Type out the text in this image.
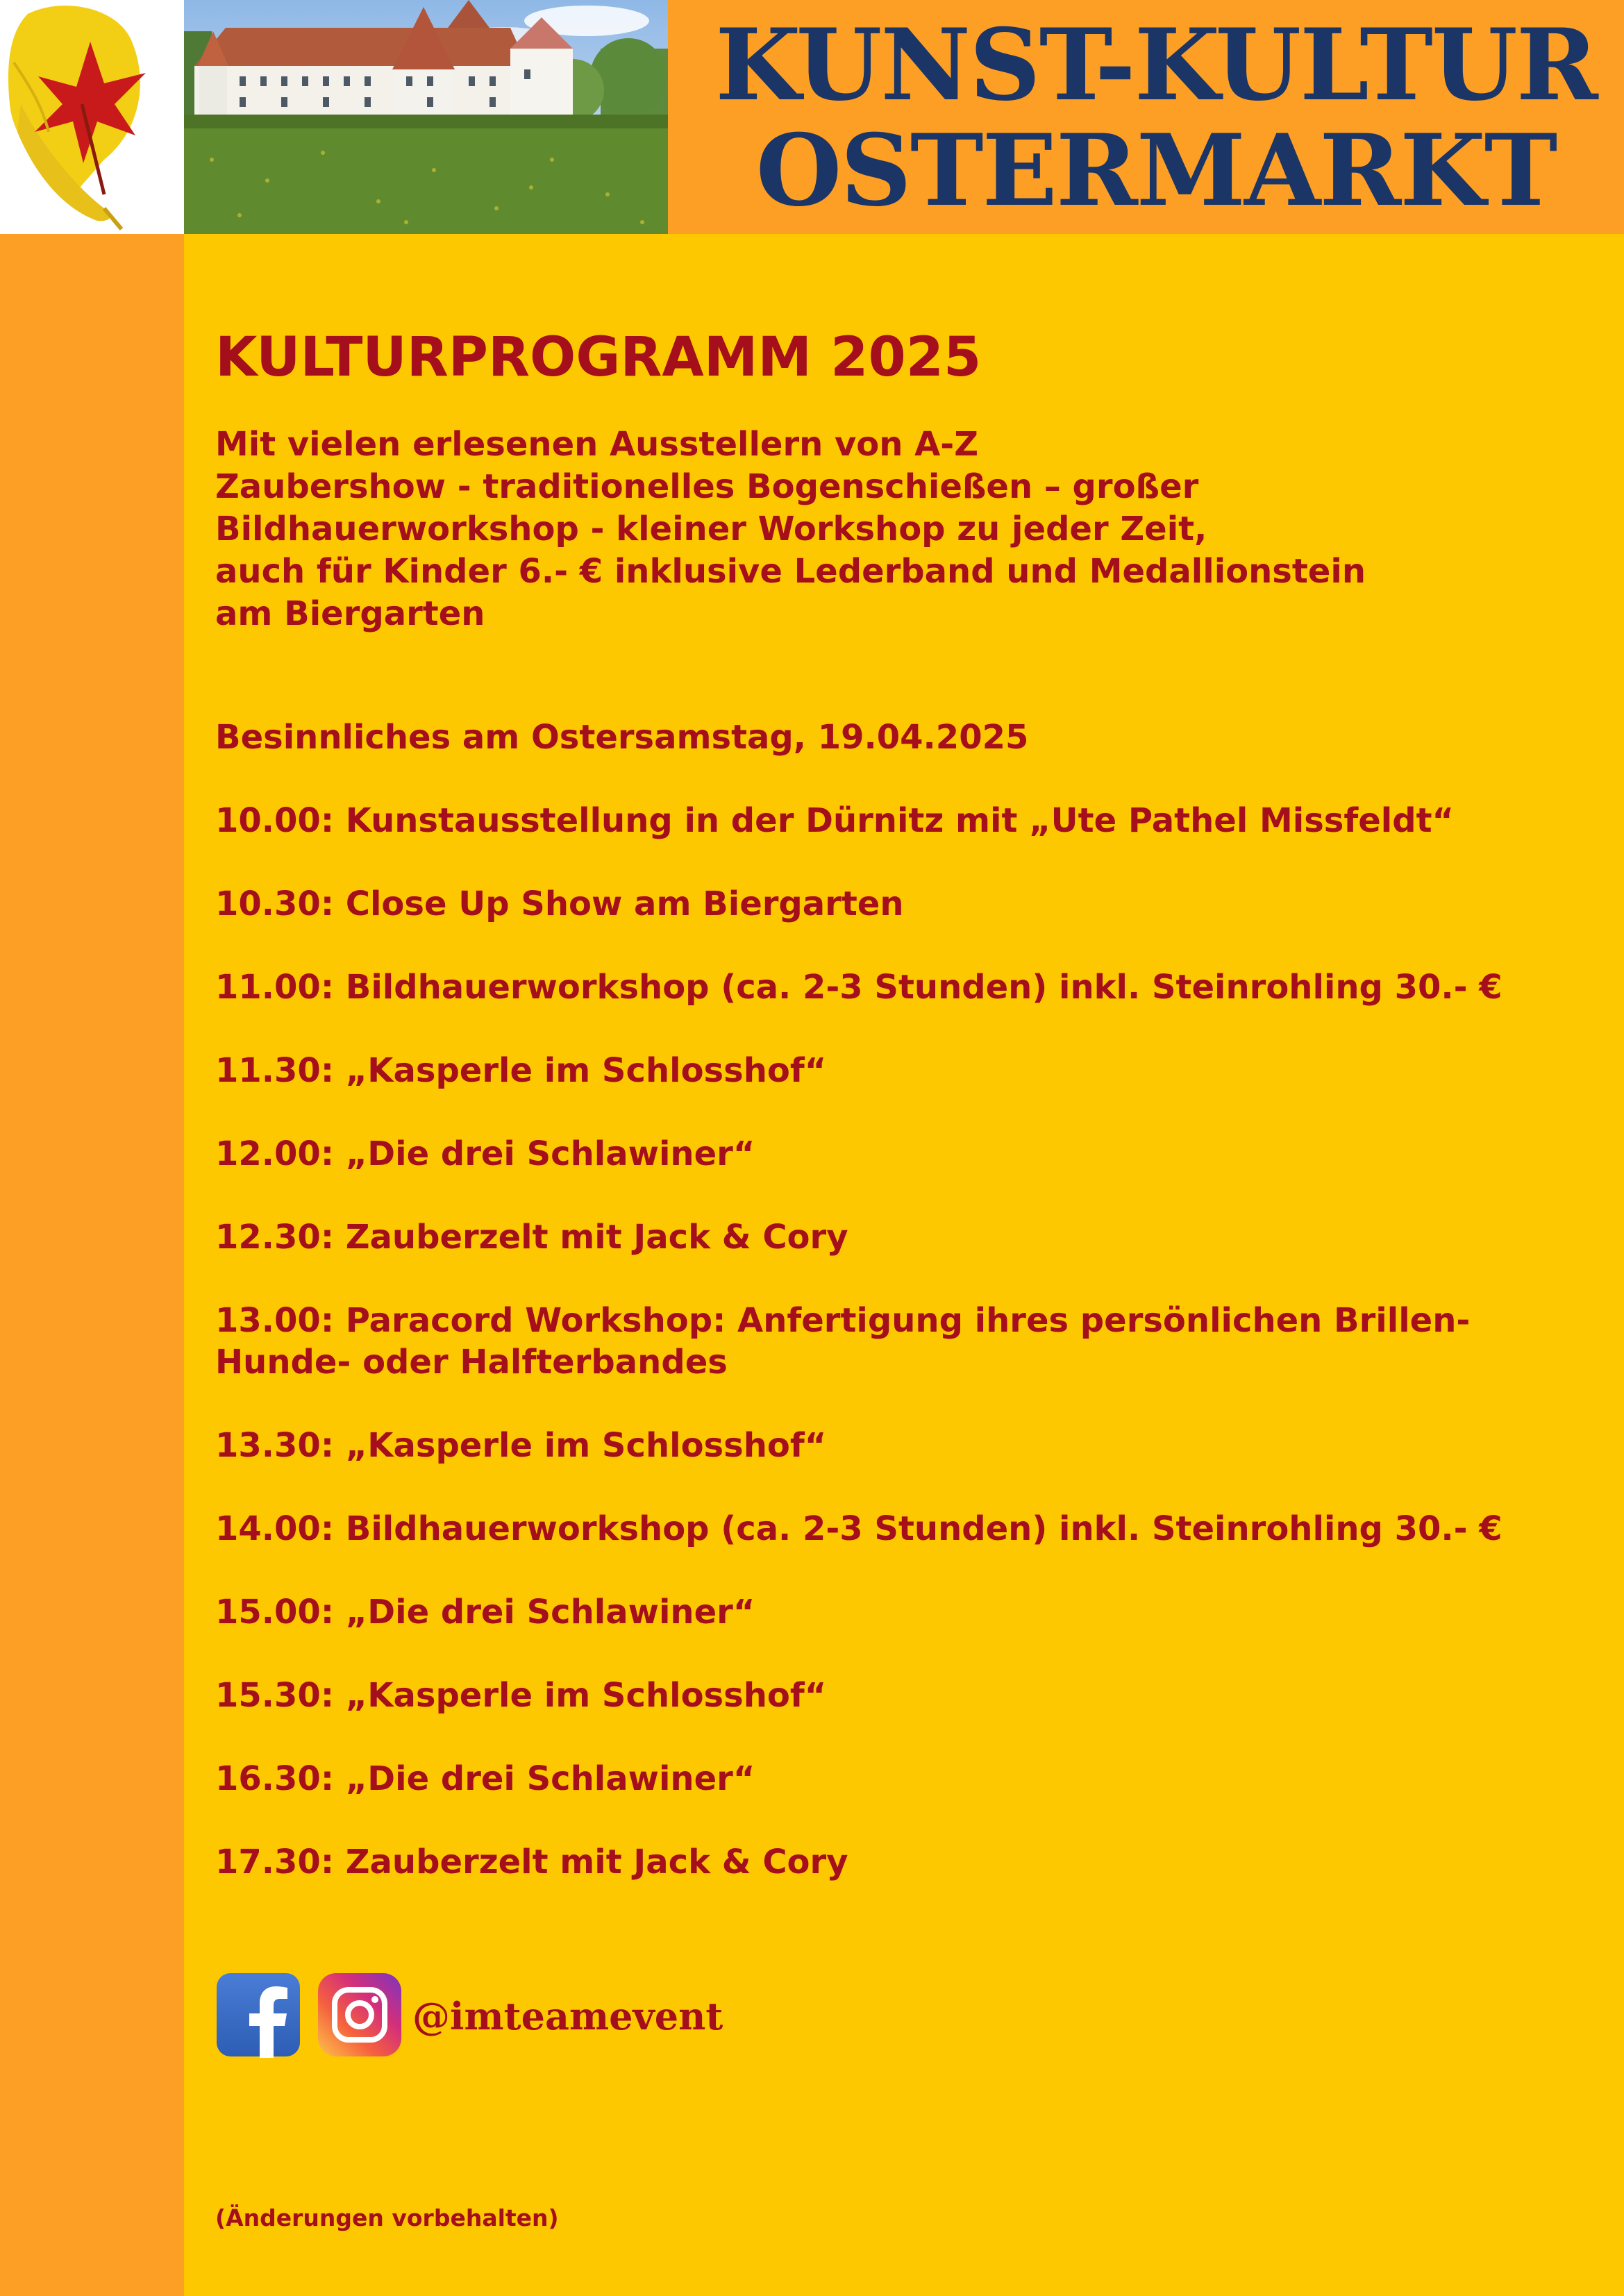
KUNST-KULTUR
OSTERMARKT
KULTURPROGRAMM 2025
Mit vielen erlesenen Ausstellern von A-Z
Zaubershow - traditionelles Bogenschießen – großer
Bildhauerworkshop - kleiner Workshop zu jeder Zeit,
auch für Kinder 6.- € inklusive Lederband und Medallionstein
am Biergarten
Besinnliches am Ostersamstag, 19.04.2025
10.00: Kunstausstellung in der Dürnitz mit „Ute Pathel Missfeldt“
10.30: Close Up Show am Biergarten
11.00: Bildhauerworkshop (ca. 2-3 Stunden) inkl. Steinrohling 30.- €
11.30: „Kasperle im Schlosshof“
12.00: „Die drei Schlawiner“
12.30: Zauberzelt mit Jack & Cory
13.00: Paracord Workshop: Anfertigung ihres persönlichen Brillen-
Hunde- oder Halfterbandes
13.30: „Kasperle im Schlosshof“
14.00: Bildhauerworkshop (ca. 2-3 Stunden) inkl. Steinrohling 30.- €
15.00: „Die drei Schlawiner“
15.30: „Kasperle im Schlosshof“
16.30: „Die drei Schlawiner“
17.30: Zauberzelt mit Jack & Cory
@imteamevent
(Änderungen vorbehalten)
